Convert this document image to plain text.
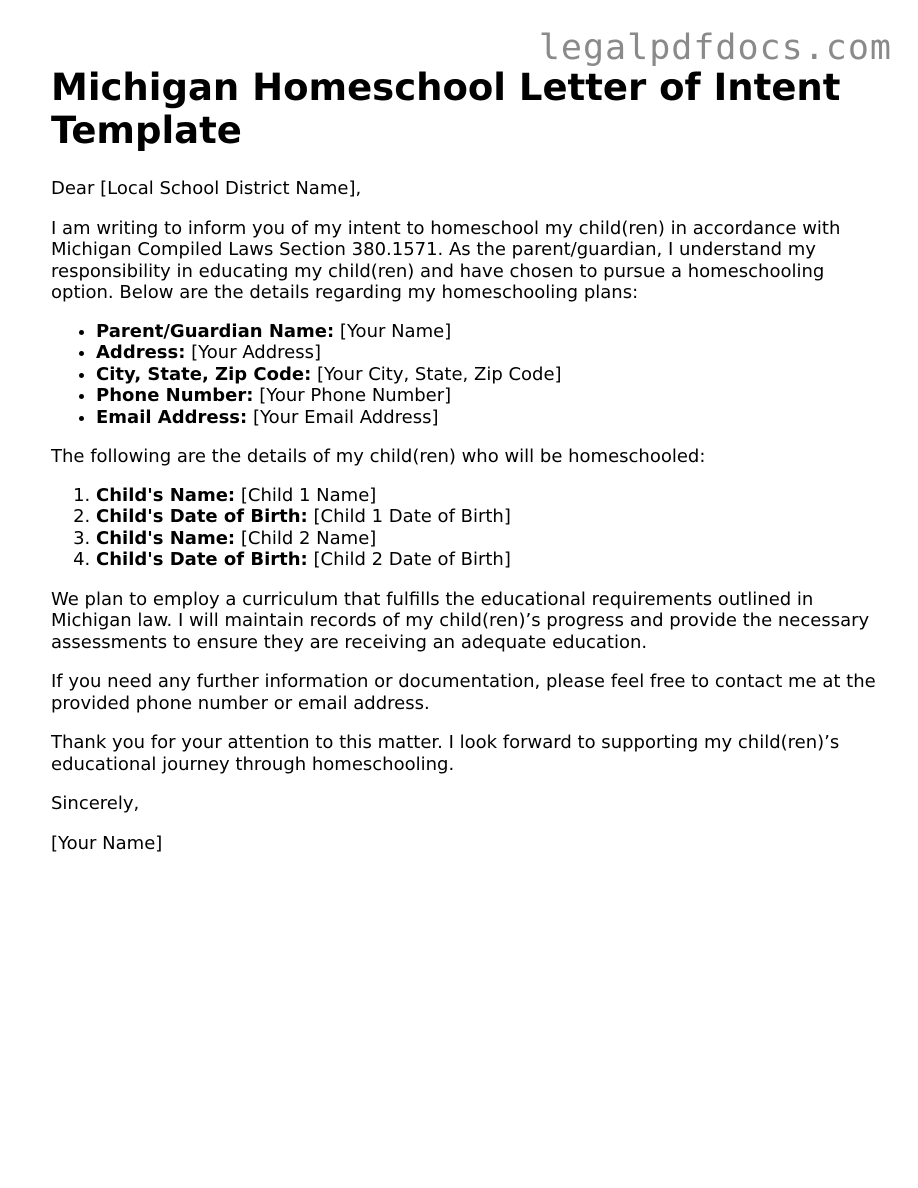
legalpdfdocs.com
Michigan Homeschool Letter of Intent Template

Dear [Local School District Name],

I am writing to inform you of my intent to homeschool my child(ren) in accordance with Michigan Compiled Laws Section 380.1571. As the parent/guardian, I understand my responsibility in educating my child(ren) and have chosen to pursue a homeschooling option. Below are the details regarding my homeschooling plans:

• Parent/Guardian Name: [Your Name]
• Address: [Your Address]
• City, State, Zip Code: [Your City, State, Zip Code]
• Phone Number: [Your Phone Number]
• Email Address: [Your Email Address]

The following are the details of my child(ren) who will be homeschooled:

1. Child's Name: [Child 1 Name]
2. Child's Date of Birth: [Child 1 Date of Birth]
3. Child's Name: [Child 2 Name]
4. Child's Date of Birth: [Child 2 Date of Birth]

We plan to employ a curriculum that fulfills the educational requirements outlined in Michigan law. I will maintain records of my child(ren)’s progress and provide the necessary assessments to ensure they are receiving an adequate education.

If you need any further information or documentation, please feel free to contact me at the provided phone number or email address.

Thank you for your attention to this matter. I look forward to supporting my child(ren)’s educational journey through homeschooling.

Sincerely,

[Your Name]
